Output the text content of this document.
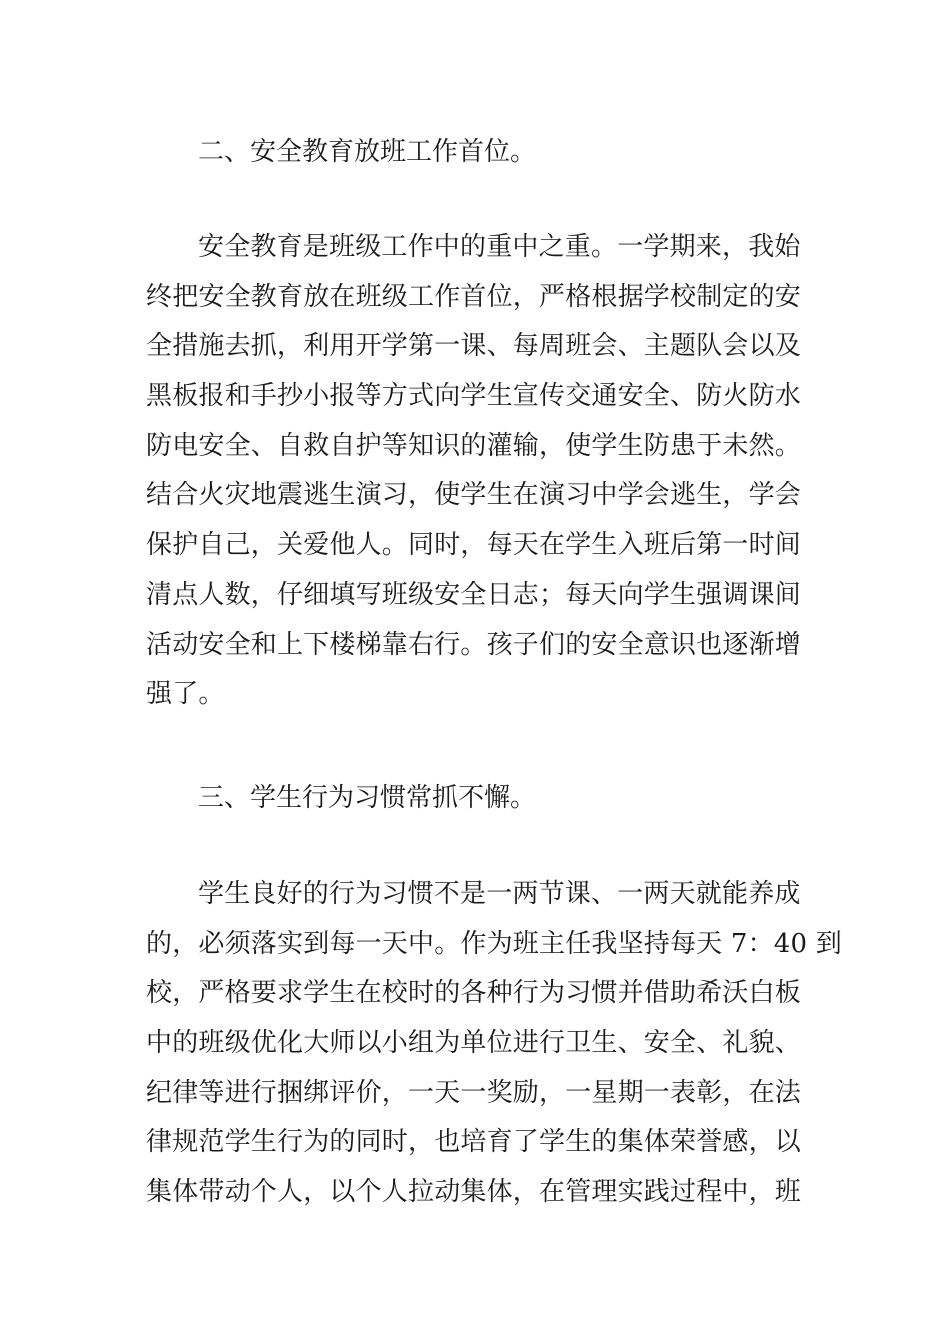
二、安全教育放班工作首位。
安全教育是班级工作中的重中之重。一学期来，我始
终把安全教育放在班级工作首位，严格根据学校制定的安
全措施去抓，利用开学第一课、每周班会、主题队会以及
黑板报和手抄小报等方式向学生宣传交通安全、防火防水
防电安全、自救自护等知识的灌输，使学生防患于未然。
结合火灾地震逃生演习，使学生在演习中学会逃生，学会
保护自己，关爱他人。同时，每天在学生入班后第一时间
清点人数，仔细填写班级安全日志；每天向学生强调课间
活动安全和上下楼梯靠右行。孩子们的安全意识也逐渐增
强了。
三、学生行为习惯常抓不懈。
学生良好的行为习惯不是一两节课、一两天就能养成
的，必须落实到每一天中。作为班主任我坚持每天 7：40 到
校，严格要求学生在校时的各种行为习惯并借助希沃白板
中的班级优化大师以小组为单位进行卫生、安全、礼貌、
纪律等进行捆绑评价，一天一奖励，一星期一表彰，在法
律规范学生行为的同时，也培育了学生的集体荣誉感，以
集体带动个人，以个人拉动集体，在管理实践过程中，班
